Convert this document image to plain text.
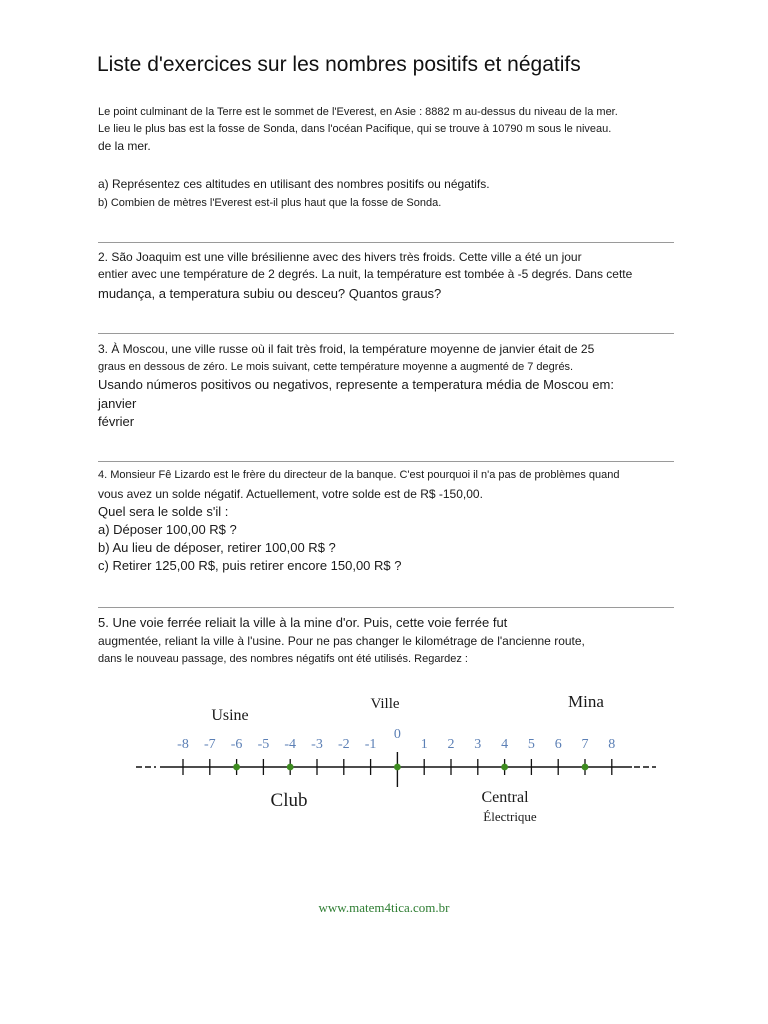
Liste d'exercices sur les nombres positifs et négatifs
Le point culminant de la Terre est le sommet de l'Everest, en Asie : 8882 m au-dessus du niveau de la mer.
Le lieu le plus bas est la fosse de Sonda, dans l'océan Pacifique, qui se trouve à 10790 m sous le niveau.
de la mer.
a) Représentez ces altitudes en utilisant des nombres positifs ou négatifs.
b) Combien de mètres l'Everest est-il plus haut que la fosse de Sonda.
2. São Joaquim est une ville brésilienne avec des hivers très froids. Cette ville a été un jour
entier avec une température de 2 degrés. La nuit, la température est tombée à -5 degrés. Dans cette
mudança, a temperatura subiu ou desceu? Quantos graus?
3. À Moscou, une ville russe où il fait très froid, la température moyenne de janvier était de 25
graus en dessous de zéro. Le mois suivant, cette température moyenne a augmenté de 7 degrés.
Usando números positivos ou negativos, represente a temperatura média de Moscou em:
janvier
février
4. Monsieur Fê Lizardo est le frère du directeur de la banque. C'est pourquoi il n'a pas de problèmes quand
vous avez un solde négatif. Actuellement, votre solde est de R$ -150,00.
Quel sera le solde s'il :
a) Déposer 100,00 R$ ?
b) Au lieu de déposer, retirer 100,00 R$ ?
c) Retirer 125,00 R$, puis retirer encore 150,00 R$ ?
5. Une voie ferrée reliait la ville à la mine d'or. Puis, cette voie ferrée fut
augmentée, reliant la ville à l'usine. Pour ne pas changer le kilométrage de l'ancienne route,
dans le nouveau passage, des nombres négatifs ont été utilisés. Regardez :
-8 -7 -6 -5 -4 -3 -2 -1
0
1 2 3 4 5 6 7 8
Usine
Ville	Mina
Club	Central
Électrique
www.matem4tica.com.br
